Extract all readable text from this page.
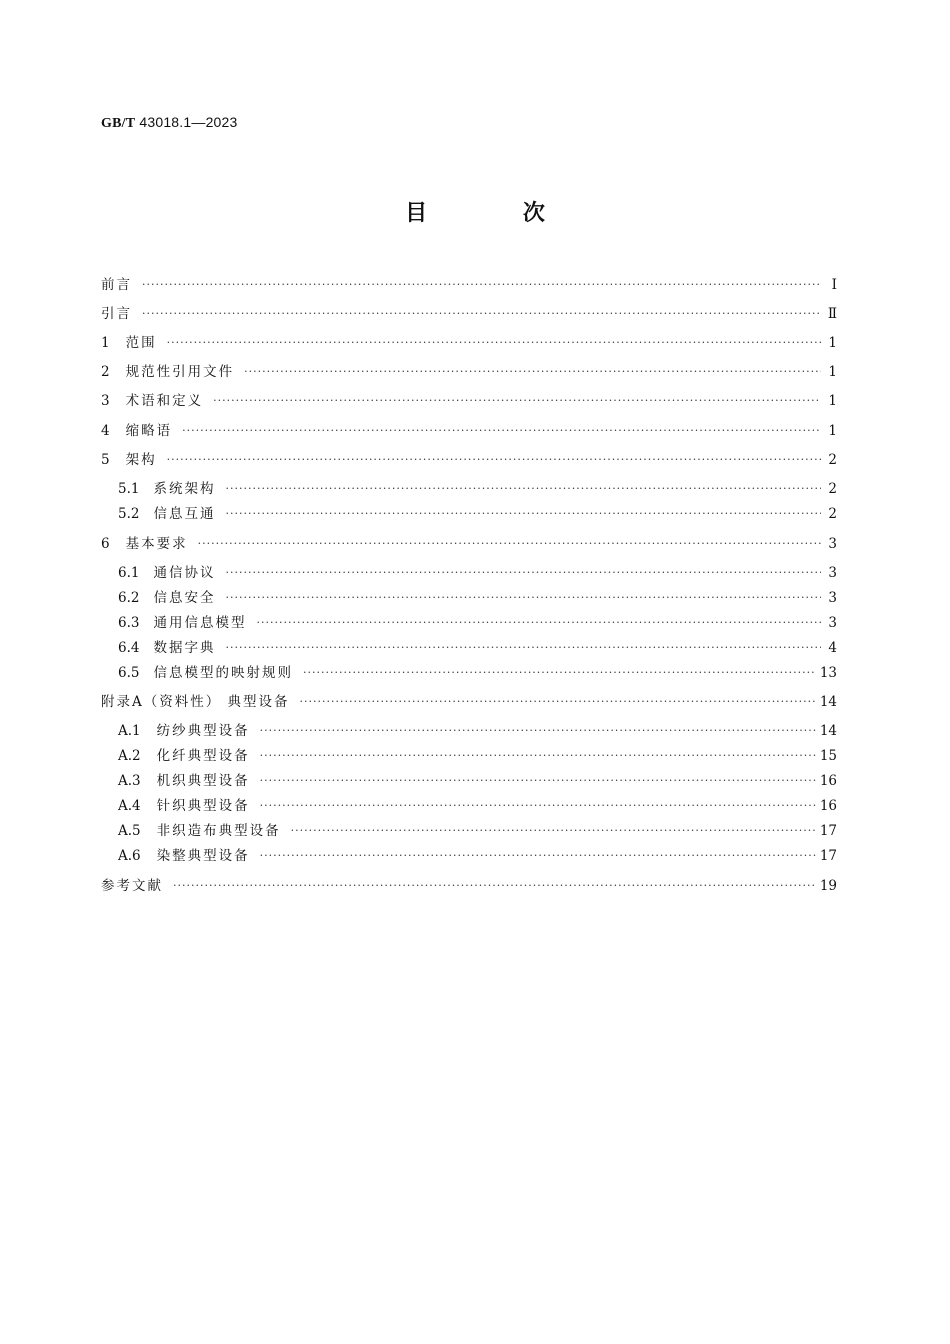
GB/T 43018.1—2023
目 次
前言 ·····	Ⅰ
引言 ·····	Ⅱ
1 范围 ·····	1
2 规范性引用文件 ·····	1
3 术语和定义 ·····	1
4 缩略语 ·····	1
5 架构 ·····	2
5.1 系统架构 ·····	2
5.2 信息互通 ·····	2
6 基本要求 ·····	3
6.1 通信协议 ·····	3
6.2 信息安全 ·····	3
6.3 通用信息模型 ·····	3
6.4 数据字典 ·····	4
6.5 信息模型的映射规则 ·····	13
附录A（资料性） 典型设备 ·····	14
A.1 纺纱典型设备 ·····	14
A.2 化纤典型设备 ·····	15
A.3 机织典型设备 ·····	16
A.4 针织典型设备 ·····	16
A.5 非织造布典型设备 ·····	17
A.6 染整典型设备 ·····	17
参考文献 ·····	19
